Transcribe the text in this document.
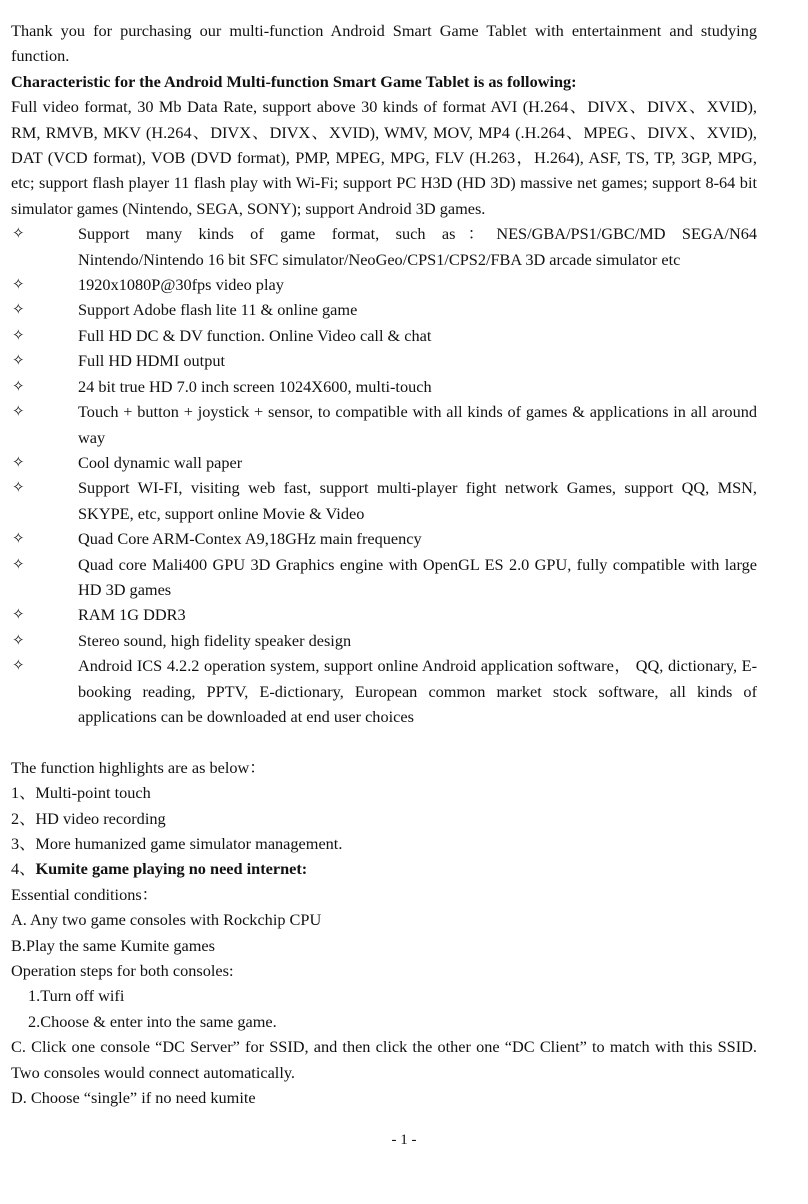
Thank you for purchasing our multi-function Android Smart Game Tablet with entertainment and studying function.

Characteristic for the Android Multi-function Smart Game Tablet is as following:

Full video format, 30 Mb Data Rate, support above 30 kinds of format AVI (H.264、DIVX、DIVX、XVID), RM, RMVB, MKV (H.264、DIVX、DIVX、XVID), WMV, MOV, MP4 (.H.264、MPEG、DIVX、XVID), DAT (VCD format), VOB (DVD format), PMP, MPEG, MPG, FLV (H.263，H.264), ASF, TS, TP, 3GP, MPG, etc; support flash player 11 flash play with Wi-Fi; support PC H3D (HD 3D) massive net games; support 8-64 bit simulator games (Nintendo, SEGA, SONY); support Android 3D games.

✧	Support many kinds of game format, such as：NES/GBA/PS1/GBC/MD SEGA/N64 Nintendo/Nintendo 16 bit SFC simulator/NeoGeo/CPS1/CPS2/FBA 3D arcade simulator etc
✧	1920x1080P@30fps video play
✧	Support Adobe flash lite 11 & online game
✧	Full HD DC & DV function. Online Video call & chat
✧	Full HD HDMI output
✧	24 bit true HD 7.0 inch screen 1024X600, multi-touch
✧	Touch + button + joystick + sensor, to compatible with all kinds of games & applications in all around way
✧	Cool dynamic wall paper
✧	Support WI-FI, visiting web fast, support multi-player fight network Games, support QQ, MSN, SKYPE, etc, support online Movie & Video
✧	Quad Core ARM-Contex A9,18GHz main frequency
✧	Quad core Mali400 GPU 3D Graphics engine with OpenGL ES 2.0 GPU, fully compatible with large HD 3D games
✧	RAM 1G DDR3
✧	Stereo sound, high fidelity speaker design
✧	Android ICS 4.2.2 operation system, support online Android application software， QQ, dictionary, E-booking reading, PPTV, E-dictionary, European common market stock software, all kinds of applications can be downloaded at end user choices

The function highlights are as below：

1、Multi-point touch

2、HD video recording

3、More humanized game simulator management.

4、Kumite game playing no need internet:

Essential conditions：

A. Any two game consoles with Rockchip CPU

B.Play the same Kumite games

Operation steps for both consoles:

1.Turn off wifi

2.Choose & enter into the same game.

C. Click one console “DC Server” for SSID, and then click the other one “DC Client” to match with this SSID. Two consoles would connect automatically.

D. Choose “single” if no need kumite

- 1 -
